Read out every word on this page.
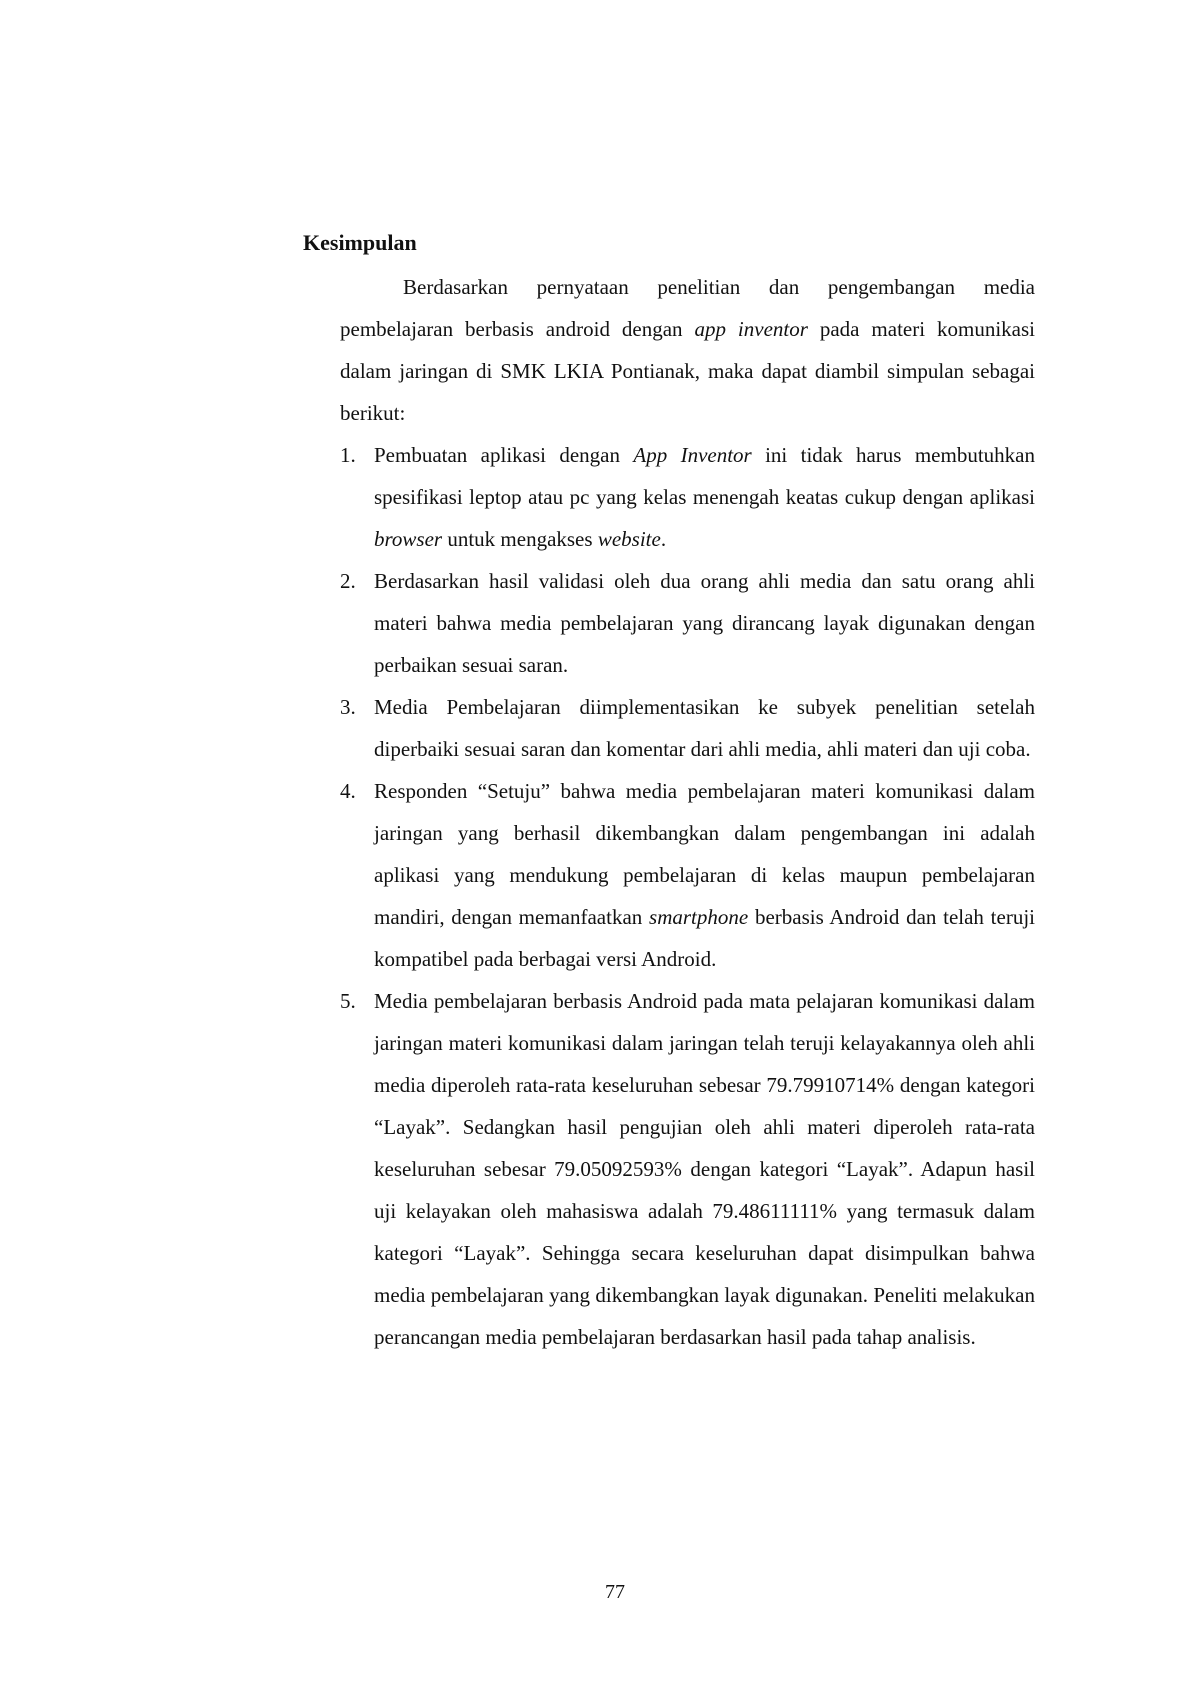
Kesimpulan

Berdasarkan pernyataan penelitian dan pengembangan media pembelajaran berbasis android dengan app inventor pada materi komunikasi dalam jaringan di SMK LKIA Pontianak, maka dapat diambil simpulan sebagai berikut:

1. Pembuatan aplikasi dengan App Inventor ini tidak harus membutuhkan spesifikasi leptop atau pc yang kelas menengah keatas cukup dengan aplikasi browser untuk mengakses website.
2. Berdasarkan hasil validasi oleh dua orang ahli media dan satu orang ahli materi bahwa media pembelajaran yang dirancang layak digunakan dengan perbaikan sesuai saran.
3. Media Pembelajaran diimplementasikan ke subyek penelitian setelah diperbaiki sesuai saran dan komentar dari ahli media, ahli materi dan uji coba.
4. Responden “Setuju” bahwa media pembelajaran materi komunikasi dalam jaringan yang berhasil dikembangkan dalam pengembangan ini adalah aplikasi yang mendukung pembelajaran di kelas maupun pembelajaran mandiri, dengan memanfaatkan smartphone berbasis Android dan telah teruji kompatibel pada berbagai versi Android.
5. Media pembelajaran berbasis Android pada mata pelajaran komunikasi dalam jaringan materi komunikasi dalam jaringan telah teruji kelayakannya oleh ahli media diperoleh rata-rata keseluruhan sebesar 79.79910714% dengan kategori “Layak”. Sedangkan hasil pengujian oleh ahli materi diperoleh rata-rata keseluruhan sebesar 79.05092593% dengan kategori “Layak”. Adapun hasil uji kelayakan oleh mahasiswa adalah 79.48611111% yang termasuk dalam kategori “Layak”. Sehingga secara keseluruhan dapat disimpulkan bahwa media pembelajaran yang dikembangkan layak digunakan. Peneliti melakukan perancangan media pembelajaran berdasarkan hasil pada tahap analisis.
77
